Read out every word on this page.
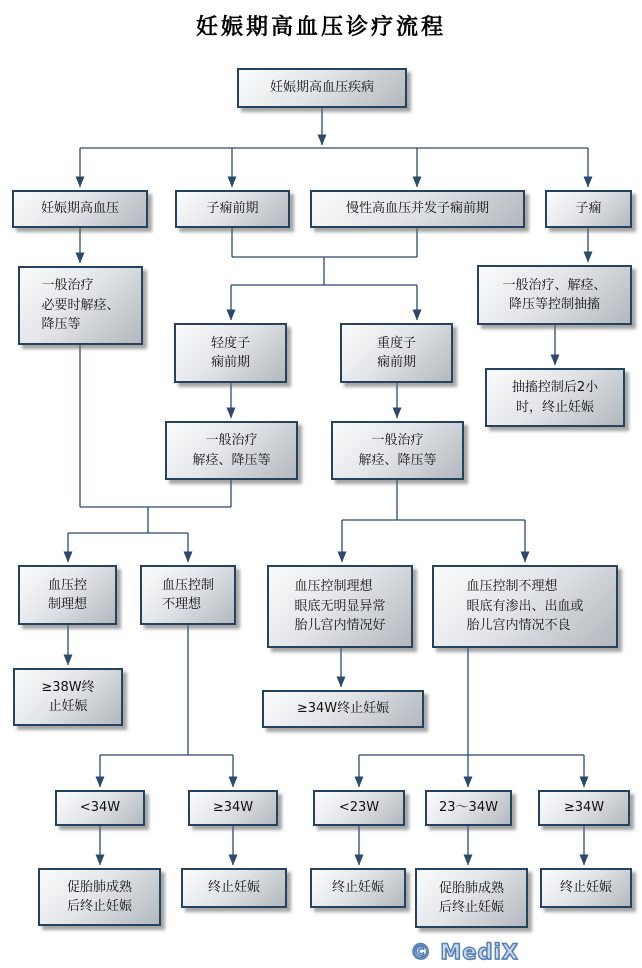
妊娠期高血压诊疗流程
妊娠期高血压疾病
妊娠期高血压	子痫前期	慢性高血压并发子痫前期	子痫
一般治疗
必要时解痉、
降压等
一般治疗、解痉、
降压等控制抽搐
轻度子
痫前期
重度子
痫前期
一般治疗
解痉、降压等
一般治疗
解痉、降压等
抽搐控制后2小
时，终止妊娠
血压控
制理想
血压控制
不理想
血压控制理想
眼底无明显异常
胎儿宫内情况好
血压控制不理想
眼底有渗出、出血或
胎儿宫内情况不良
≥38W终
止妊娠	≥34W终止妊娠
<34W	≥34W	<23W	23～34W	≥34W
促胎肺成熟
后终止妊娠
终止妊娠	终止妊娠	促胎肺成熟
后终止妊娠
终止妊娠
© MediX
